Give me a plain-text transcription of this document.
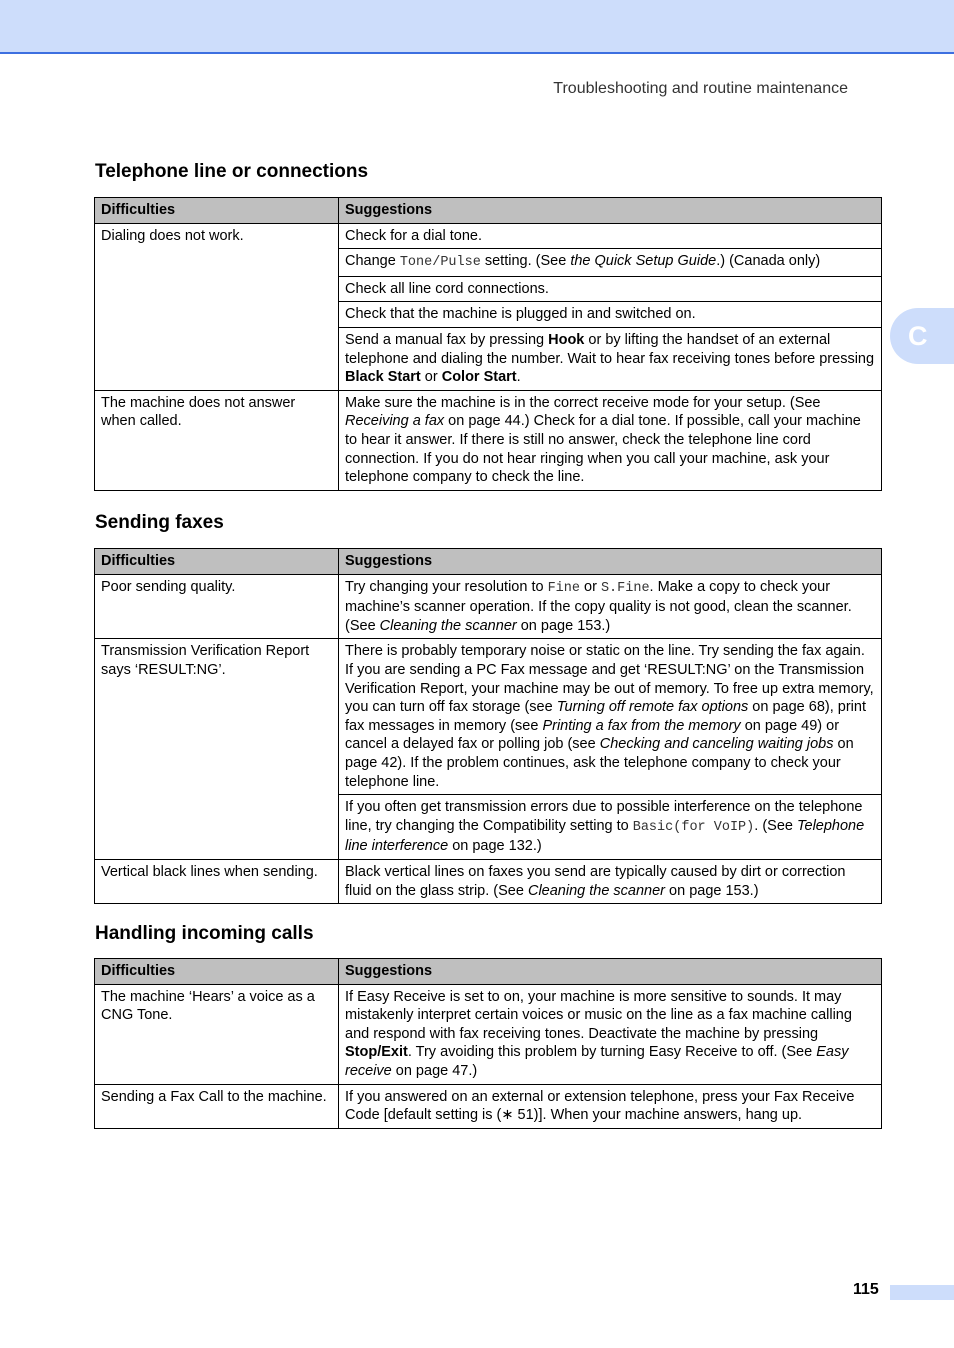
Troubleshooting and routine maintenance
C
Telephone line or connections
Difficulties	Suggestions
Dialing does not work.	Check for a dial tone.
	Change Tone/Pulse setting. (See the Quick Setup Guide.) (Canada only)
	Check all line cord connections.
	Check that the machine is plugged in and switched on.
	Send a manual fax by pressing Hook or by lifting the handset of an external telephone and dialing the number. Wait to hear fax receiving tones before pressing Black Start or Color Start.
The machine does not answer when called.	Make sure the machine is in the correct receive mode for your setup. (See Receiving a fax on page 44.) Check for a dial tone. If possible, call your machine to hear it answer. If there is still no answer, check the telephone line cord connection. If you do not hear ringing when you call your machine, ask your telephone company to check the line.
Sending faxes
Difficulties	Suggestions
Poor sending quality.	Try changing your resolution to Fine or S.Fine. Make a copy to check your machine’s scanner operation. If the copy quality is not good, clean the scanner. (See Cleaning the scanner on page 153.)
Transmission Verification Report says ‘RESULT:NG’.	There is probably temporary noise or static on the line. Try sending the fax again. If you are sending a PC Fax message and get ‘RESULT:NG’ on the Transmission Verification Report, your machine may be out of memory. To free up extra memory, you can turn off fax storage (see Turning off remote fax options on page 68), print fax messages in memory (see Printing a fax from the memory on page 49) or cancel a delayed fax or polling job (see Checking and canceling waiting jobs on page 42). If the problem continues, ask the telephone company to check your telephone line.
	If you often get transmission errors due to possible interference on the telephone line, try changing the Compatibility setting to Basic(for VoIP). (See Telephone line interference on page 132.)
Vertical black lines when sending.	Black vertical lines on faxes you send are typically caused by dirt or correction fluid on the glass strip. (See Cleaning the scanner on page 153.)
Handling incoming calls
Difficulties	Suggestions
The machine ‘Hears’ a voice as a CNG Tone.	If Easy Receive is set to on, your machine is more sensitive to sounds. It may mistakenly interpret certain voices or music on the line as a fax machine calling and respond with fax receiving tones. Deactivate the machine by pressing Stop/Exit. Try avoiding this problem by turning Easy Receive to off. (See Easy receive on page 47.)
Sending a Fax Call to the machine.	If you answered on an external or extension telephone, press your Fax Receive Code [default setting is (∗ 51)]. When your machine answers, hang up.
115
